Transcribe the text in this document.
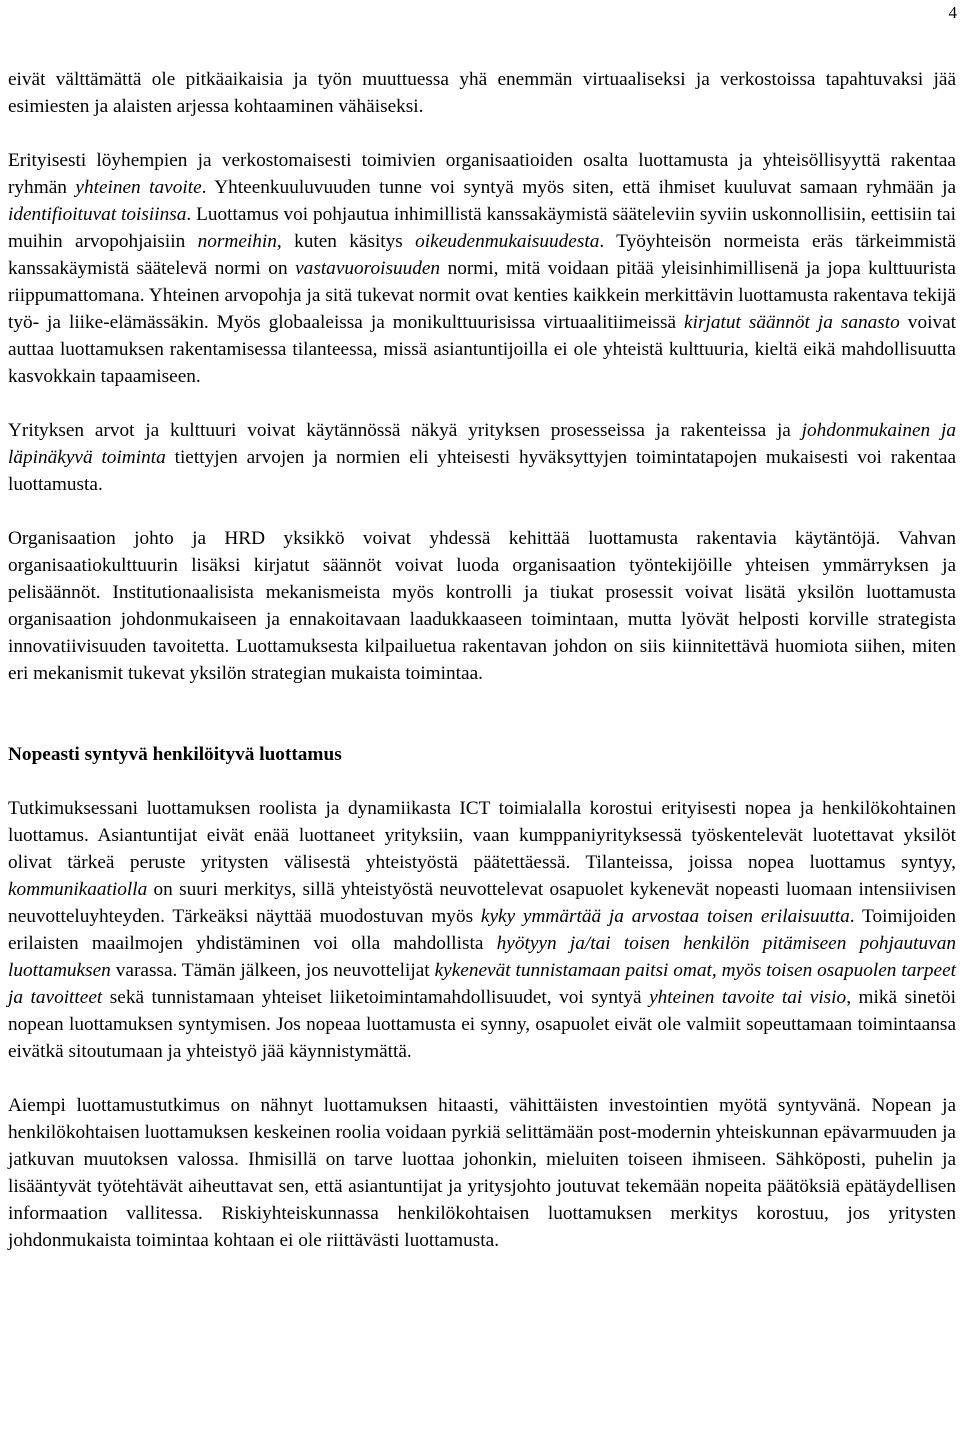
4

eivät välttämättä ole pitkäaikaisia ja työn muuttuessa yhä enemmän virtuaaliseksi ja verkostoissa tapahtuvaksi jää esimiesten ja alaisten arjessa kohtaaminen vähäiseksi.

Erityisesti löyhempien ja verkostomaisesti toimivien organisaatioiden osalta luottamusta ja yhteisöllisyyttä rakentaa ryhmän yhteinen tavoite. Yhteenkuuluvuuden tunne voi syntyä myös siten, että ihmiset kuuluvat samaan ryhmään ja identifioituvat toisiinsa. Luottamus voi pohjautua inhimillistä kanssakäymistä sääteleviin syviin uskonnollisiin, eettisiin tai muihin arvopohjaisiin normeihin, kuten käsitys oikeudenmukaisuudesta. Työyhteisön normeista eräs tärkeimmistä kanssakäymistä säätelevä normi on vastavuoroisuuden normi, mitä voidaan pitää yleisinhimillisenä ja jopa kulttuurista riippumattomana. Yhteinen arvopohja ja sitä tukevat normit ovat kenties kaikkein merkittävin luottamusta rakentava tekijä työ- ja liike-elämässäkin. Myös globaaleissa ja monikulttuurisissa virtuaalitiimeissä kirjatut säännöt ja sanasto voivat auttaa luottamuksen rakentamisessa tilanteessa, missä asiantuntijoilla ei ole yhteistä kulttuuria, kieltä eikä mahdollisuutta kasvokkain tapaamiseen.

Yrityksen arvot ja kulttuuri voivat käytännössä näkyä yrityksen prosesseissa ja rakenteissa ja johdonmukainen ja läpinäkyvä toiminta tiettyjen arvojen ja normien eli yhteisesti hyväksyttyjen toimintatapojen mukaisesti voi rakentaa luottamusta.

Organisaation johto ja HRD yksikkö voivat yhdessä kehittää luottamusta rakentavia käytäntöjä. Vahvan organisaatiokulttuurin lisäksi kirjatut säännöt voivat luoda organisaation työntekijöille yhteisen ymmärryksen ja pelisäännöt. Institutionaalisista mekanismeista myös kontrolli ja tiukat prosessit voivat lisätä yksilön luottamusta organisaation johdonmukaiseen ja ennakoitavaan laadukkaaseen toimintaan, mutta lyövät helposti korville strategista innovatiivisuuden tavoitetta. Luottamuksesta kilpailuetua rakentavan johdon on siis kiinnitettävä huomiota siihen, miten eri mekanismit tukevat yksilön strategian mukaista toimintaa.

Nopeasti syntyvä henkilöityvä luottamus

Tutkimuksessani luottamuksen roolista ja dynamiikasta ICT toimialalla korostui erityisesti nopea ja henkilökohtainen luottamus. Asiantuntijat eivät enää luottaneet yrityksiin, vaan kumppaniyrityksessä työskentelevät luotettavat yksilöt olivat tärkeä peruste yritysten välisestä yhteistyöstä päätettäessä. Tilanteissa, joissa nopea luottamus syntyy, kommunikaatiolla on suuri merkitys, sillä yhteistyöstä neuvottelevat osapuolet kykenevät nopeasti luomaan intensiivisen neuvotteluyhteyden. Tärkeäksi näyttää muodostuvan myös kyky ymmärtää ja arvostaa toisen erilaisuutta. Toimijoiden erilaisten maailmojen yhdistäminen voi olla mahdollista hyötyyn ja/tai toisen henkilön pitämiseen pohjautuvan luottamuksen varassa. Tämän jälkeen, jos neuvottelijat kykenevät tunnistamaan paitsi omat, myös toisen osapuolen tarpeet ja tavoitteet sekä tunnistamaan yhteiset liiketoimintamahdollisuudet, voi syntyä yhteinen tavoite tai visio, mikä sinetöi nopean luottamuksen syntymisen. Jos nopeaa luottamusta ei synny, osapuolet eivät ole valmiit sopeuttamaan toimintaansa eivätkä sitoutumaan ja yhteistyö jää käynnistymättä.

Aiempi luottamustutkimus on nähnyt luottamuksen hitaasti, vähittäisten investointien myötä syntyvänä. Nopean ja henkilökohtaisen luottamuksen keskeinen roolia voidaan pyrkiä selittämään post-modernin yhteiskunnan epävarmuuden ja jatkuvan muutoksen valossa. Ihmisillä on tarve luottaa johonkin, mieluiten toiseen ihmiseen. Sähköposti, puhelin ja lisääntyvät työtehtävät aiheuttavat sen, että asiantuntijat ja yritysjohto joutuvat tekemään nopeita päätöksiä epätäydellisen informaation vallitessa. Riskiyhteiskunnassa henkilökohtaisen luottamuksen merkitys korostuu, jos yritysten johdonmukaista toimintaa kohtaan ei ole riittävästi luottamusta.
